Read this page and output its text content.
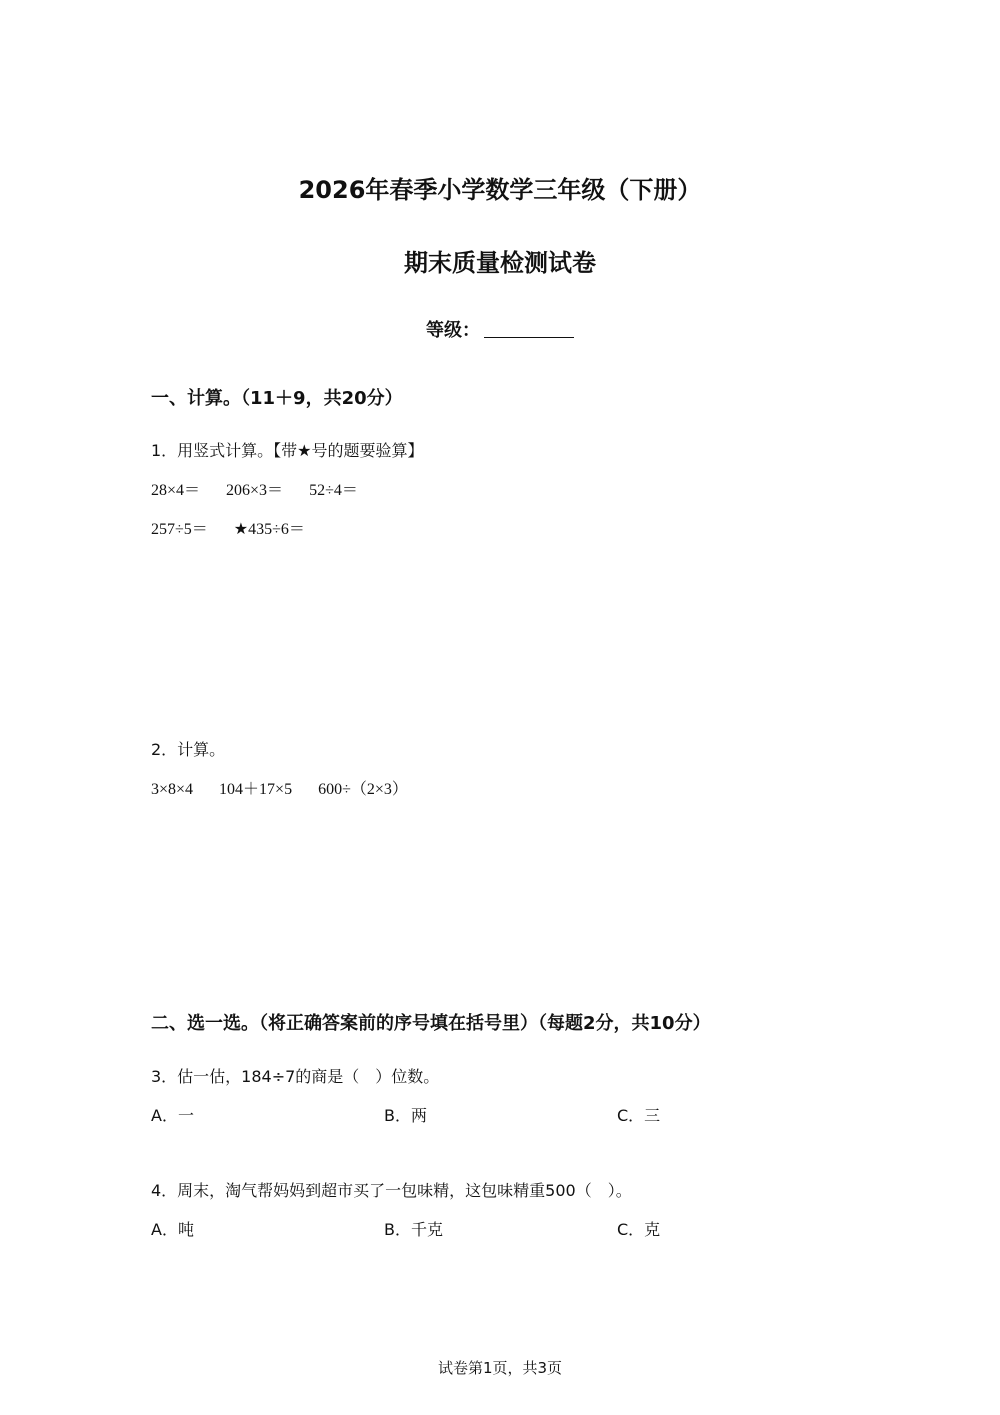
2026年春季小学数学三年级（下册）
期末质量检测试卷
等级：
一、计算。（11＋9，共20分）
1．用竖式计算。【带★号的题要验算】
28×4＝ 206×3＝ 52÷4＝
257÷5＝ ★435÷6＝
2．计算。
3×8×4 104＋17×5 600÷（2×3）
二、选一选。（将正确答案前的序号填在括号里）（每题2分，共10分）
3．估一估，184÷7的商是（　）位数。
A．一	B．两	C．三
4．周末，淘气帮妈妈到超市买了一包味精，这包味精重500（　）。
A．吨	B．千克	C．克
试卷第1页，共3页
